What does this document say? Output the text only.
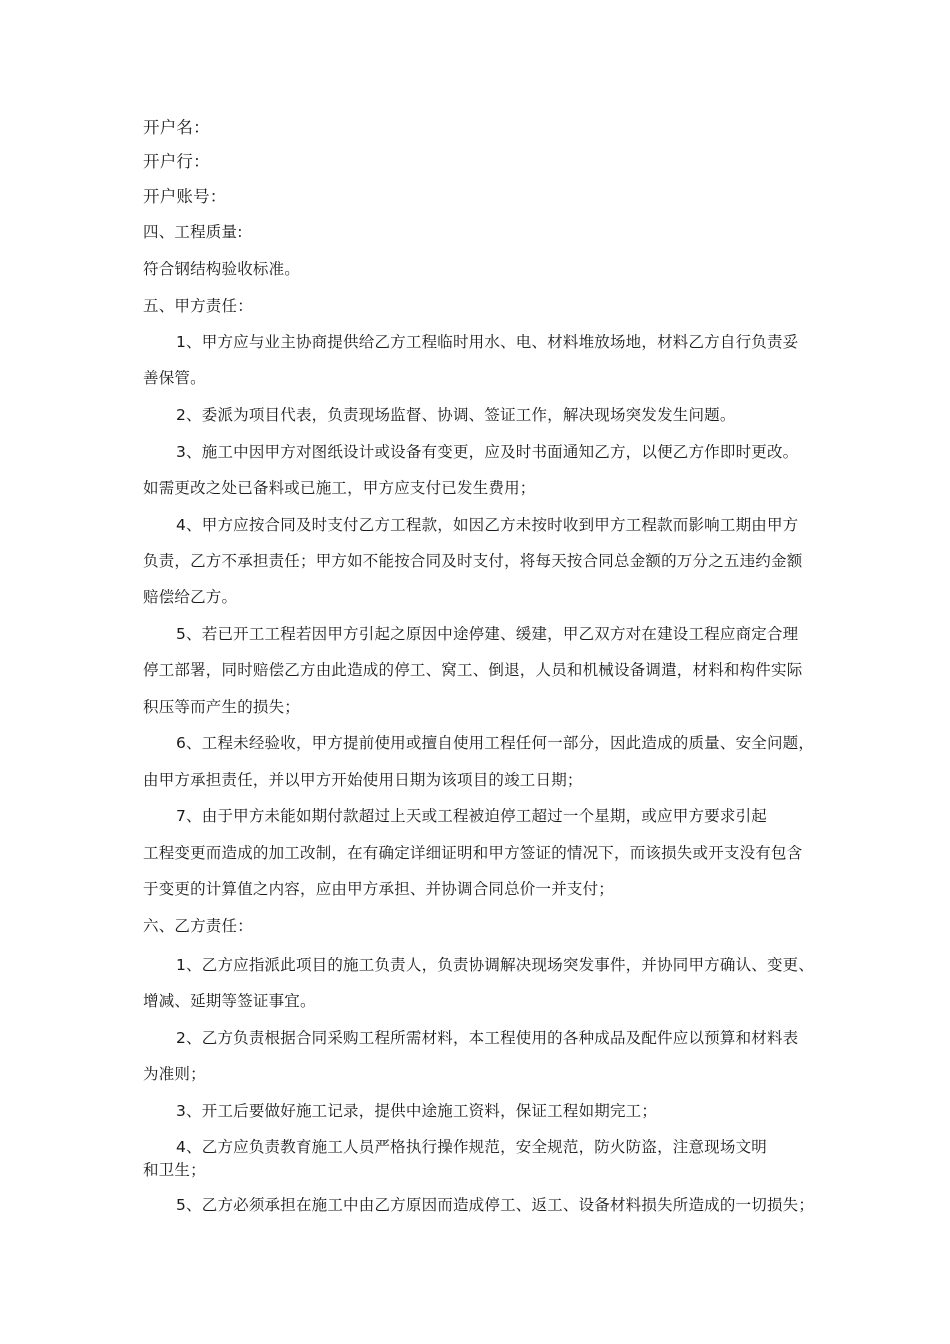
开户名：
开户行：
开户账号：
四、工程质量:
符合钢结构验收标准。
五、甲方责任：
1、甲方应与业主协商提供给乙方工程临时用水、电、材料堆放场地，材料乙方自行负责妥
善保管。
2、委派为项目代表，负责现场监督、协调、签证工作，解决现场突发发生问题。
3、施工中因甲方对图纸设计或设备有变更，应及时书面通知乙方，以便乙方作即时更改。
如需更改之处已备料或已施工，甲方应支付已发生费用；
4、甲方应按合同及时支付乙方工程款，如因乙方未按时收到甲方工程款而影响工期由甲方
负责，乙方不承担责任；甲方如不能按合同及时支付，将每天按合同总金额的万分之五违约金额
赔偿给乙方。
5、若已开工工程若因甲方引起之原因中途停建、缓建，甲乙双方对在建设工程应商定合理
停工部署，同时赔偿乙方由此造成的停工、窝工、倒退，人员和机械设备调遣，材料和构件实际
积压等而产生的损失；
6、工程未经验收，甲方提前使用或擅自使用工程任何一部分，因此造成的质量、安全问题，
由甲方承担责任，并以甲方开始使用日期为该项目的竣工日期；
7、由于甲方未能如期付款超过上天或工程被迫停工超过一个星期，或应甲方要求引起
工程变更而造成的加工改制，在有确定详细证明和甲方签证的情况下，而该损失或开支没有包含
于变更的计算值之内容，应由甲方承担、并协调合同总价一并支付；
六、乙方责任：
1、乙方应指派此项目的施工负责人，负责协调解决现场突发事件，并协同甲方确认、变更、
增减、延期等签证事宜。
2、乙方负责根据合同采购工程所需材料，本工程使用的各种成品及配件应以预算和材料表
为准则；
3、开工后要做好施工记录，提供中途施工资料，保证工程如期完工；
4、乙方应负责教育施工人员严格执行操作规范，安全规范，防火防盗，注意现场文明
和卫生；
5、乙方必须承担在施工中由乙方原因而造成停工、返工、设备材料损失所造成的一切损失；
